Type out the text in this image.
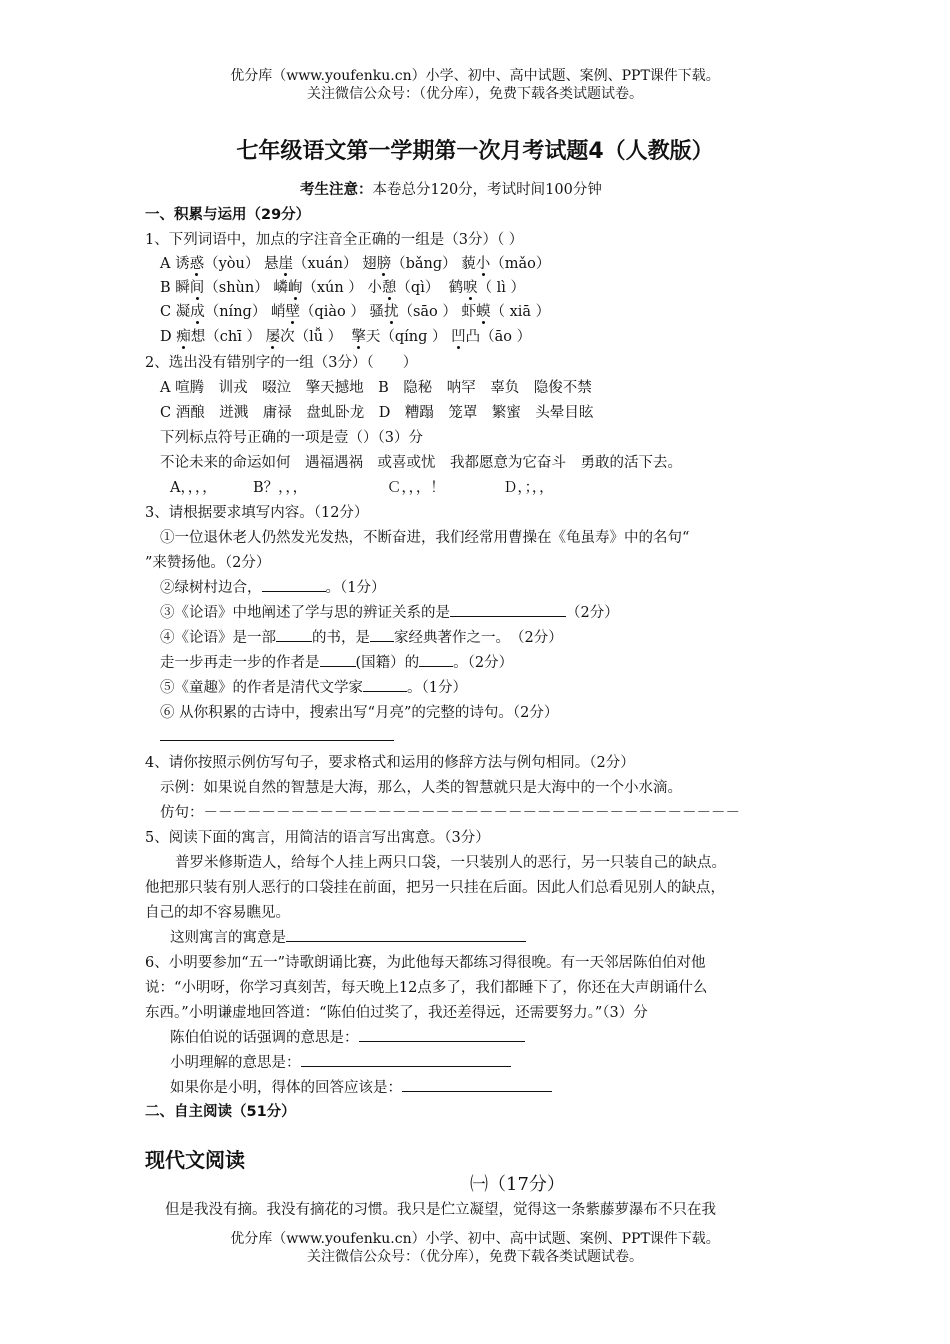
优分库（www.youfenku.cn）小学、初中、高中试题、案例、PPT课件下载。
关注微信公众号：（优分库），免费下载各类试题试卷。
七年级语文第一学期第一次月考试题4（人教版）
考生注意：本卷总分120分，考试时间100分钟
一、积累与运用（29分）
1、下列词语中，加点的字注音全正确的一组是（3分）（ ）
A 诱惑（yòu） 悬崖（xuán） 翅膀（bǎnɡ） 藐小（mǎo）
B 瞬间（shùn） 嶙峋（xún ） 小憩（qì） 鹤唳（ lì ）
C 凝成（nínɡ） 峭壁（qiào ） 骚扰（sāo ） 虾蟆（ xiā ）
D 痴想（chī ） 屡次（lǚ ） 擎天（qínɡ ） 凹凸（āo ）
2、选出没有错别字的一组（3分）（　　）
A 喧腾　训戎　啜泣　擎天撼地　B　隐秘　呐罕　辜负　隐俊不禁
C 酒酿　迸溅　庸禄　盘虬卧龙　D　糟蹋　笼罩　繁蜜　头晕目眩
下列标点符号正确的一项是壹（）（3）分
不论未来的命运如何　遇福遇祸　或喜或忧　我都愿意为它奋斗　勇敢的活下去。
A，，，，　　　B？，，，　　　　　　Ｃ，，，！　　　　Ｄ，；，，
3、请根据要求填写内容。（12分）
①一位退休老人仍然发光发热，不断奋进，我们经常用曹操在《龟虽寿》中的名句“
”来赞扬他。（2分）
②绿树村边合，	。（1分）
③《论语》中地阐述了学与思的辨证关系的是	（2分）
④《论语》是一部 的书，是 家经典著作之一。　（2分）
走一步再走一步的作者是 (国籍）的 。（2分）
⑤《童趣》的作者是清代文学家	。（1分）
⑥ 从你积累的古诗中，搜索出写“月亮”的完整的诗句。（2分）
4、请你按照示例仿写句子，要求格式和运用的修辞方法与例句相同。（2分）
示例：如果说自然的智慧是大海，那么，人类的智慧就只是大海中的一个小水滴。
仿句：－－－－－－－－－－－－－－－－－－－－－－－－－－－－－－－－－－－－－
5、阅读下面的寓言，用简洁的语言写出寓意。（3分）
普罗米修斯造人，给每个人挂上两只口袋，一只装别人的恶行，另一只装自己的缺点。
他把那只装有别人恶行的口袋挂在前面，把另一只挂在后面。因此人们总看见别人的缺点，
自己的却不容易瞧见。
这则寓言的寓意是
6、小明要参加“五一”诗歌朗诵比赛，为此他每天都练习得很晚。有一天邻居陈伯伯对他
说：“小明呀，你学习真刻苦，每天晚上12点多了，我们都睡下了，你还在大声朗诵什么
东西。”小明谦虚地回答道：“陈伯伯过奖了，我还差得远，还需要努力。”（3）分
陈伯伯说的话强调的意思是：
小明理解的意思是：
如果你是小明，得体的回答应该是：
二、自主阅读（51分）
现代文阅读
㈠（17分）
但是我没有摘。我没有摘花的习惯。我只是伫立凝望，觉得这一条紫藤萝瀑布不只在我
优分库（www.youfenku.cn）小学、初中、高中试题、案例、PPT课件下载。
关注微信公众号：（优分库），免费下载各类试题试卷。
